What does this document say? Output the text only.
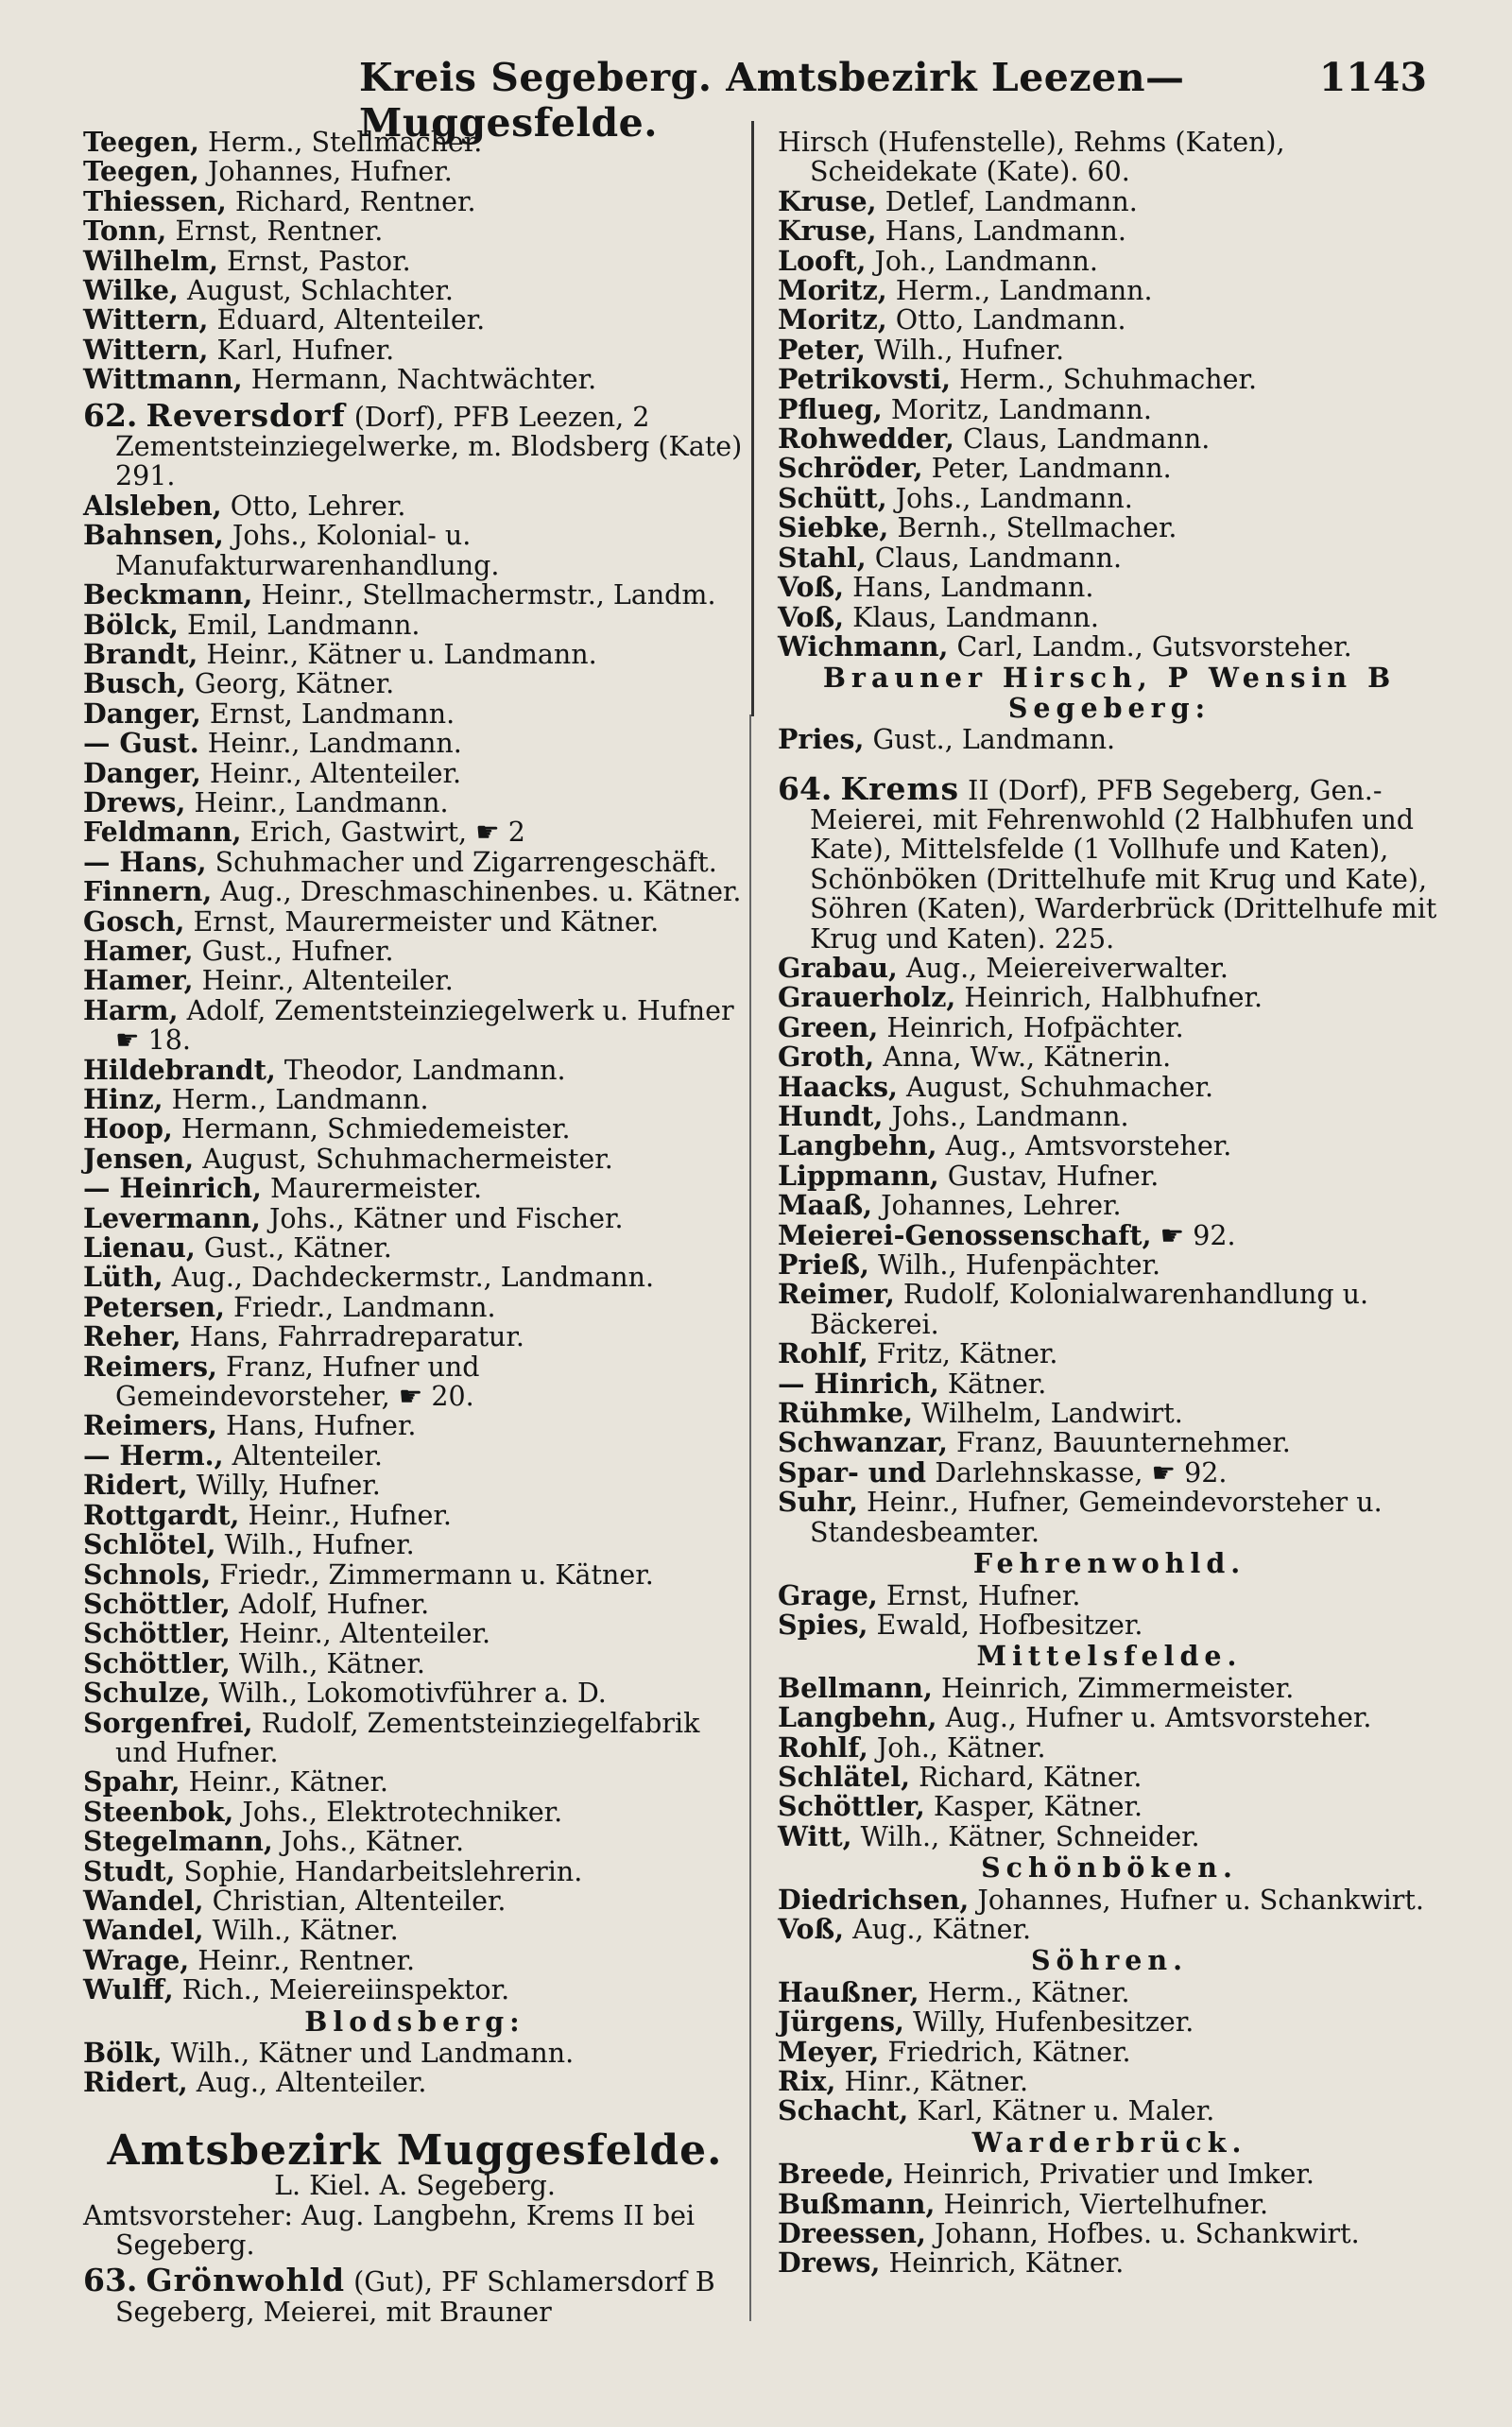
Kreis Segeberg. Amtsbezirk Leezen—Muggesfelde.
1143

Teegen, Herm., Stellmacher.

Teegen, Johannes, Hufner.

Thiessen, Richard, Rentner.

Tonn, Ernst, Rentner.

Wilhelm, Ernst, Pastor.

Wilke, August, Schlachter.

Wittern, Eduard, Altenteiler.

Wittern, Karl, Hufner.

Wittmann, Hermann, Nachtwächter.

62. Reversdorf (Dorf), PFB Leezen, 2 Zementsteinziegelwerke, m. Blodsberg (Kate) 291.

Alsleben, Otto, Lehrer.

Bahnsen, Johs., Kolonial- u. Manufakturwarenhandlung.

Beckmann, Heinr., Stellmachermstr., Landm.

Bölck, Emil, Landmann.

Brandt, Heinr., Kätner u. Landmann.

Busch, Georg, Kätner.

Danger, Ernst, Landmann.

— Gust. Heinr., Landmann.

Danger, Heinr., Altenteiler.

Drews, Heinr., Landmann.

Feldmann, Erich, Gastwirt, ☛ 2

— Hans, Schuhmacher und Zigarrengeschäft.

Finnern, Aug., Dreschmaschinenbes. u. Kätner.

Gosch, Ernst, Maurermeister und Kätner.

Hamer, Gust., Hufner.

Hamer, Heinr., Altenteiler.

Harm, Adolf, Zementsteinziegelwerk u. Hufner ☛ 18.

Hildebrandt, Theodor, Landmann.

Hinz, Herm., Landmann.

Hoop, Hermann, Schmiedemeister.

Jensen, August, Schuhmachermeister.

— Heinrich, Maurermeister.

Levermann, Johs., Kätner und Fischer.

Lienau, Gust., Kätner.

Lüth, Aug., Dachdeckermstr., Landmann.

Petersen, Friedr., Landmann.

Reher, Hans, Fahrradreparatur.

Reimers, Franz, Hufner und Gemeindevorsteher, ☛ 20.

Reimers, Hans, Hufner.

— Herm., Altenteiler.

Ridert, Willy, Hufner.

Rottgardt, Heinr., Hufner.

Schlötel, Wilh., Hufner.

Schnols, Friedr., Zimmermann u. Kätner.

Schöttler, Adolf, Hufner.

Schöttler, Heinr., Altenteiler.

Schöttler, Wilh., Kätner.

Schulze, Wilh., Lokomotivführer a. D.

Sorgenfrei, Rudolf, Zementsteinziegelfabrik und Hufner.

Spahr, Heinr., Kätner.

Steenbok, Johs., Elektrotechniker.

Stegelmann, Johs., Kätner.

Studt, Sophie, Handarbeitslehrerin.

Wandel, Christian, Altenteiler.

Wandel, Wilh., Kätner.

Wrage, Heinr., Rentner.

Wulff, Rich., Meiereiinspektor.

Blodsberg:

Bölk, Wilh., Kätner und Landmann.

Ridert, Aug., Altenteiler.

Amtsbezirk Muggesfelde.

L. Kiel. A. Segeberg.

Amtsvorsteher: Aug. Langbehn, Krems II bei Segeberg.

63. Grönwohld (Gut), PF Schlamersdorf B Segeberg, Meierei, mit Brauner

Hirsch (Hufenstelle), Rehms (Katen), Scheidekate (Kate). 60.

Kruse, Detlef, Landmann.

Kruse, Hans, Landmann.

Looft, Joh., Landmann.

Moritz, Herm., Landmann.

Moritz, Otto, Landmann.

Peter, Wilh., Hufner.

Petrikovsti, Herm., Schuhmacher.

Pflueg, Moritz, Landmann.

Rohwedder, Claus, Landmann.

Schröder, Peter, Landmann.

Schütt, Johs., Landmann.

Siebke, Bernh., Stellmacher.

Stahl, Claus, Landmann.

Voß, Hans, Landmann.

Voß, Klaus, Landmann.

Wichmann, Carl, Landm., Gutsvorsteher.

Brauner Hirsch, P Wensin B Segeberg:

Pries, Gust., Landmann.

64. Krems II (Dorf), PFB Segeberg, Gen.-Meierei, mit Fehrenwohld (2 Halbhufen und Kate), Mittelsfelde (1 Vollhufe und Katen), Schönböken (Drittelhufe mit Krug und Kate), Söhren (Katen), Warderbrück (Drittelhufe mit Krug und Katen). 225.

Grabau, Aug., Meiereiverwalter.

Grauerholz, Heinrich, Halbhufner.

Green, Heinrich, Hofpächter.

Groth, Anna, Ww., Kätnerin.

Haacks, August, Schuhmacher.

Hundt, Johs., Landmann.

Langbehn, Aug., Amtsvorsteher.

Lippmann, Gustav, Hufner.

Maaß, Johannes, Lehrer.

Meierei-Genossenschaft, ☛ 92.

Prieß, Wilh., Hufenpächter.

Reimer, Rudolf, Kolonialwarenhandlung u. Bäckerei.

Rohlf, Fritz, Kätner.

— Hinrich, Kätner.

Rühmke, Wilhelm, Landwirt.

Schwanzar, Franz, Bauunternehmer.

Spar- und Darlehnskasse, ☛ 92.

Suhr, Heinr., Hufner, Gemeindevorsteher u. Standesbeamter.

Fehrenwohld.

Grage, Ernst, Hufner.

Spies, Ewald, Hofbesitzer.

Mittelsfelde.

Bellmann, Heinrich, Zimmermeister.

Langbehn, Aug., Hufner u. Amtsvorsteher.

Rohlf, Joh., Kätner.

Schlätel, Richard, Kätner.

Schöttler, Kasper, Kätner.

Witt, Wilh., Kätner, Schneider.

Schönböken.

Diedrichsen, Johannes, Hufner u. Schankwirt.

Voß, Aug., Kätner.

Söhren.

Haußner, Herm., Kätner.

Jürgens, Willy, Hufenbesitzer.

Meyer, Friedrich, Kätner.

Rix, Hinr., Kätner.

Schacht, Karl, Kätner u. Maler.

Warderbrück.

Breede, Heinrich, Privatier und Imker.

Bußmann, Heinrich, Viertelhufner.

Dreessen, Johann, Hofbes. u. Schankwirt.

Drews, Heinrich, Kätner.
